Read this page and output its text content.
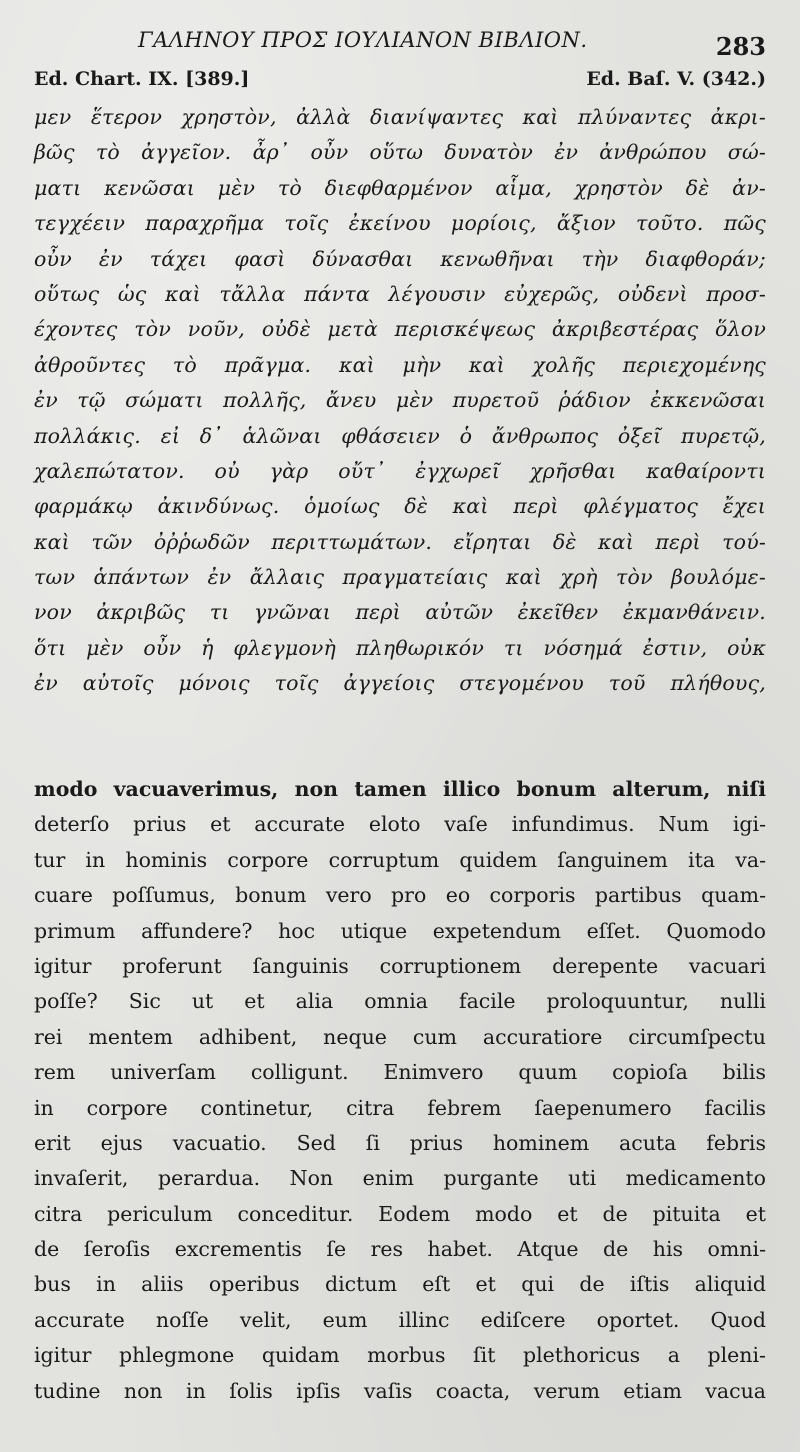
ΓΑΛΗΝΟΥ ΠΡΟΣ ΙΟΥΛΙΑΝΟΝ ΒΙΒΛΙΟΝ.	283
Ed. Chart. IX. [389.]	Ed. Baſ. V. (342.)
μεν ἕτερον χρηστὸν, ἀλλὰ διανίψαντες καὶ πλύναντες ἀκρι-
βῶς τὸ ἀγγεῖον. ἆρ᾽ οὖν οὕτω δυνατὸν ἐν ἀνθρώπου σώ-
ματι κενῶσαι μὲν τὸ διεφθαρμένον αἷμα, χρηστὸν δὲ ἀν-
τεγχέειν παραχρῆμα τοῖς ἐκείνου μορίοις, ἄξιον τοῦτο. πῶς
οὖν ἐν τάχει φασὶ δύνασθαι κενωθῆναι τὴν διαφθοράν;
οὕτως ὡς καὶ τἄλλα πάντα λέγουσιν εὐχερῶς, οὐδενὶ προσ-
έχοντες τὸν νοῦν, οὐδὲ μετὰ περισκέψεως ἀκριβεστέρας ὅλον
ἀθροῦντες τὸ πρᾶγμα. καὶ μὴν καὶ χολῆς περιεχομένης
ἐν τῷ σώματι πολλῆς, ἄνευ μὲν πυρετοῦ ῥάδιον ἐκκενῶσαι
πολλάκις. εἰ δ᾽ ἁλῶναι φθάσειεν ὁ ἄνθρωπος ὀξεῖ πυρετῷ,
χαλεπώτατον. οὐ γὰρ οὔτ᾽ ἐγχωρεῖ χρῆσθαι καθαίροντι
φαρμάκῳ ἀκινδύνως. ὁμοίως δὲ καὶ περὶ φλέγματος ἔχει
καὶ τῶν ὀῤῥωδῶν περιττωμάτων. εἴρηται δὲ καὶ περὶ τού-
των ἁπάντων ἐν ἄλλαις πραγματείαις καὶ χρὴ τὸν βουλόμε-
νον ἀκριβῶς τι γνῶναι περὶ αὐτῶν ἐκεῖθεν ἐκμανθάνειν.
ὅτι μὲν οὖν ἡ φλεγμονὴ πληθωρικόν τι νόσημά ἐστιν, οὐκ
ἐν αὐτοῖς μόνοις τοῖς ἀγγείοις στεγομένου τοῦ πλήθους,
modo vacuaverimus, non tamen illico bonum alterum, niſi
deterſo prius et accurate eloto vaſe infundimus. Num igi-
tur in hominis corpore corruptum quidem ſanguinem ita va-
cuare poſſumus, bonum vero pro eo corporis partibus quam-
primum affundere? hoc utique expetendum eſſet. Quomodo
igitur proferunt ſanguinis corruptionem derepente vacuari
poſſe? Sic ut et alia omnia facile proloquuntur, nulli
rei mentem adhibent, neque cum accuratiore circumſpectu
rem univerſam colligunt. Enimvero quum copioſa bilis
in corpore continetur, citra febrem ſaepenumero facilis
erit ejus vacuatio. Sed ſi prius hominem acuta febris
invaſerit, perardua. Non enim purgante uti medicamento
citra periculum conceditur. Eodem modo et de pituita et
de ſeroſis excrementis ſe res habet. Atque de his omni-
bus in aliis operibus dictum eſt et qui de iſtis aliquid
accurate noſſe velit, eum illinc ediſcere oportet. Quod
igitur phlegmone quidam morbus ſit plethoricus a pleni-
tudine non in ſolis ipſis vaſis coacta, verum etiam vacua
